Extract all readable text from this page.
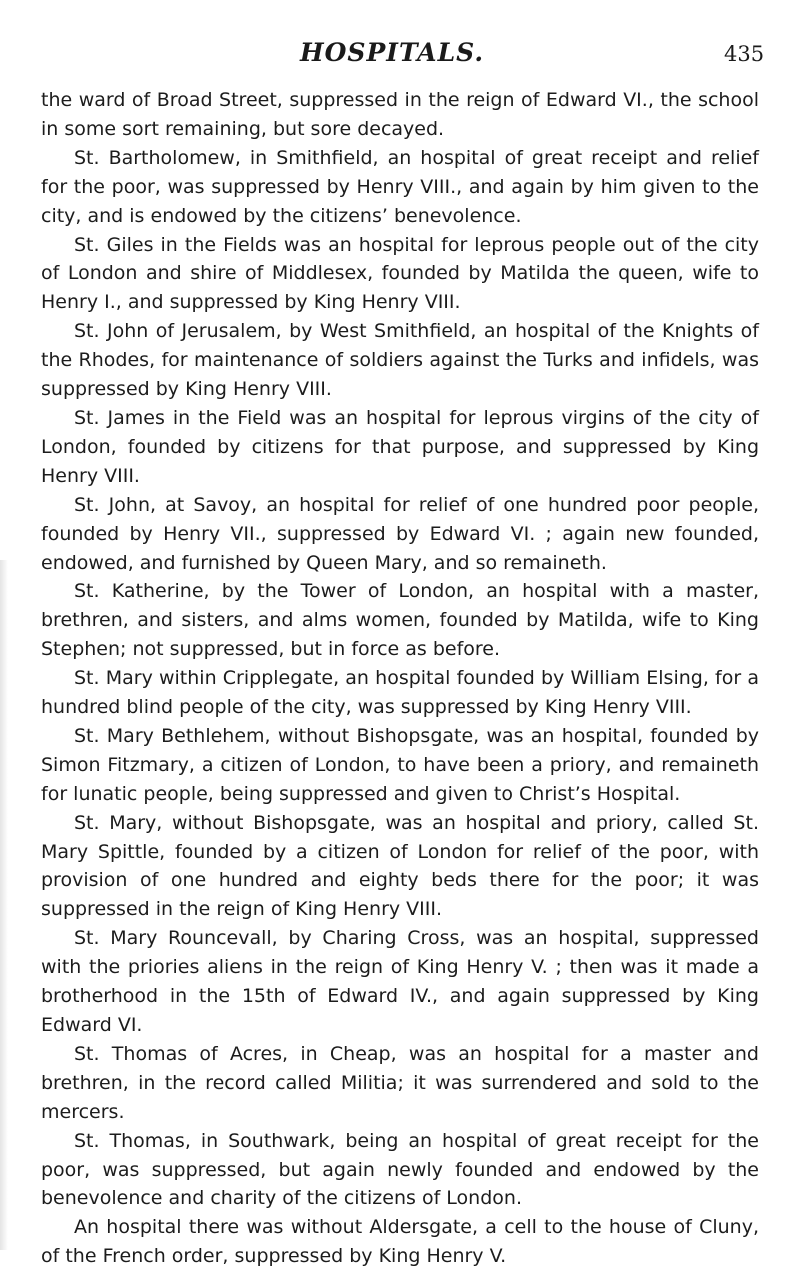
HOSPITALS.	435

the ward of Broad Street, suppressed in the reign of Edward VI., the school in some sort remaining, but sore decayed.

St. Bartholomew, in Smithfield, an hospital of great receipt and relief for the poor, was suppressed by Henry VIII., and again by him given to the city, and is endowed by the citizens’ benevolence.

St. Giles in the Fields was an hospital for leprous people out of the city of London and shire of Middlesex, founded by Matilda the queen, wife to Henry I., and suppressed by King Henry VIII.

St. John of Jerusalem, by West Smithfield, an hospital of the Knights of the Rhodes, for maintenance of soldiers against the Turks and infidels, was suppressed by King Henry VIII.

St. James in the Field was an hospital for leprous virgins of the city of London, founded by citizens for that purpose, and suppressed by King Henry VIII.

St. John, at Savoy, an hospital for relief of one hundred poor people, founded by Henry VII., suppressed by Edward VI. ; again new founded, endowed, and furnished by Queen Mary, and so remaineth.

St. Katherine, by the Tower of London, an hospital with a master, brethren, and sisters, and alms women, founded by Matilda, wife to King Stephen; not suppressed, but in force as before.

St. Mary within Cripplegate, an hospital founded by William Elsing, for a hundred blind people of the city, was suppressed by King Henry VIII.

St. Mary Bethlehem, without Bishopsgate, was an hospital, founded by Simon Fitzmary, a citizen of London, to have been a priory, and remaineth for lunatic people, being suppressed and given to Christ’s Hospital.

St. Mary, without Bishopsgate, was an hospital and priory, called St. Mary Spittle, founded by a citizen of London for relief of the poor, with provision of one hundred and eighty beds there for the poor; it was suppressed in the reign of King Henry VIII.

St. Mary Rouncevall, by Charing Cross, was an hospital, suppressed with the priories aliens in the reign of King Henry V. ; then was it made a brotherhood in the 15th of Edward IV., and again suppressed by King Edward VI.

St. Thomas of Acres, in Cheap, was an hospital for a master and brethren, in the record called Militia; it was surrendered and sold to the mercers.

St. Thomas, in Southwark, being an hospital of great receipt for the poor, was suppressed, but again newly founded and endowed by the benevolence and charity of the citizens of London.

An hospital there was without Aldersgate, a cell to the house of Cluny, of the French order, suppressed by King Henry V.
